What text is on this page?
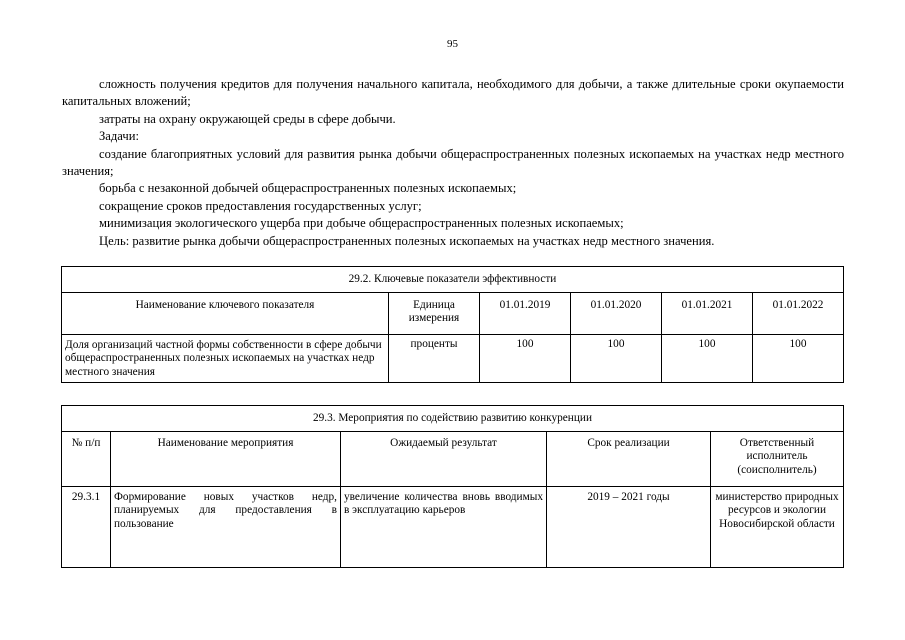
95

сложность получения кредитов для получения начального капитала, необходимого для добычи, а также длительные сроки окупаемости капитальных вложений;

затраты на охрану окружающей среды в сфере добычи.

Задачи:

создание благоприятных условий для развития рынка добычи общераспространенных полезных ископаемых на участках недр местного значения;

борьба с незаконной добычей общераспространенных полезных ископаемых;

сокращение сроков предоставления государственных услуг;

минимизация экологического ущерба при добыче общераспространенных полезных ископаемых;

Цель: развитие рынка добычи общераспространенных полезных ископаемых на участках недр местного значения.

29.2. Ключевые показатели эффективности					
Наименование ключевого показателя	Единица измерения	01.01.2019	01.01.2020	01.01.2021	01.01.2022
Доля организаций частной формы собственности в сфере добычи общераспространенных полезных ископаемых на участках недр местного значения	проценты	100	100	100	100
29.3. Мероприятия по содействию развитию конкуренции				
№ п/п	Наименование мероприятия	Ожидаемый результат	Срок реализации	Ответственный исполнитель (соисполнитель)
29.3.1	Формирование новых участков недр, планируемых для предоставления в пользование	увеличение количества вновь вводимых в эксплуатацию карьеров	2019 – 2021 годы	министерство природных ресурсов и экологии Новосибирской области
